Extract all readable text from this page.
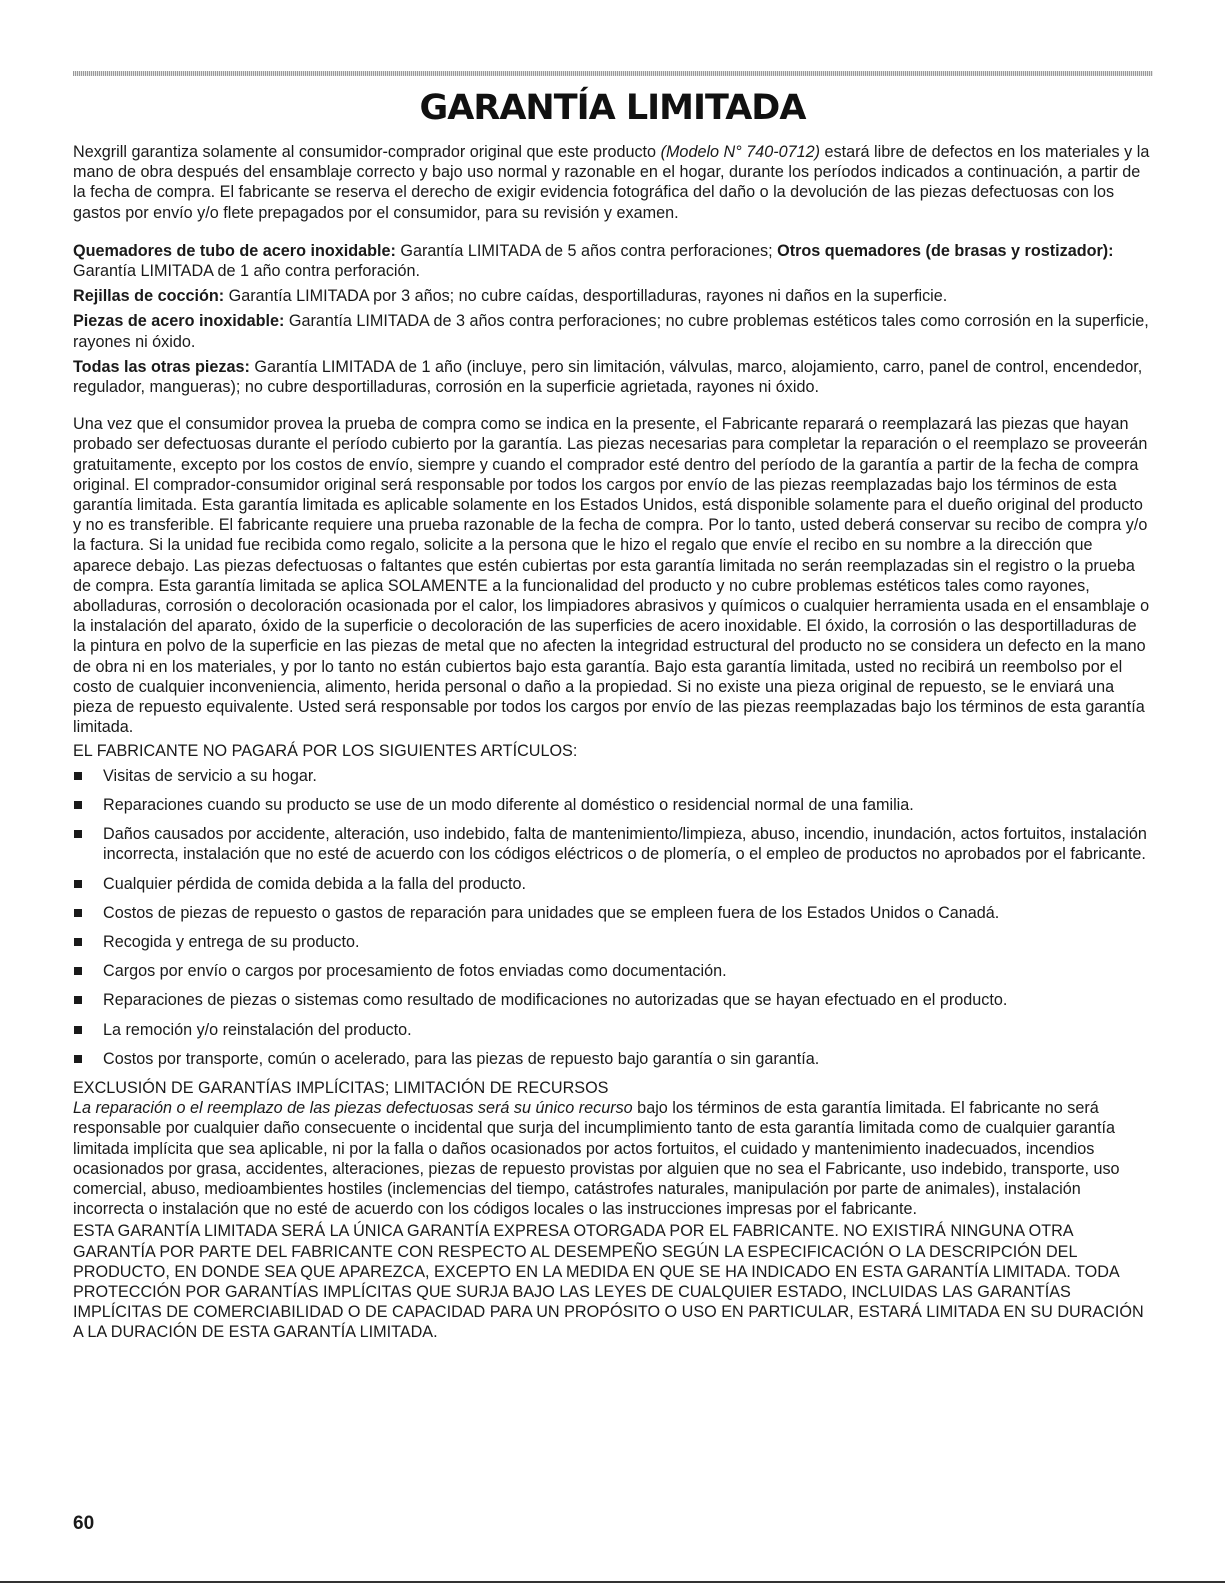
GARANTÍA LIMITADA

Nexgrill garantiza solamente al consumidor-comprador original que este producto (Modelo N° 740-0712) estará libre de defectos en los materiales y la mano de obra después del ensamblaje correcto y bajo uso normal y razonable en el hogar, durante los períodos indicados a continuación, a partir de la fecha de compra. El fabricante se reserva el derecho de exigir evidencia fotográfica del daño o la devolución de las piezas defectuosas con los gastos por envío y/o flete prepagados por el consumidor, para su revisión y examen.

Quemadores de tubo de acero inoxidable: Garantía LIMITADA de 5 años contra perforaciones; Otros quemadores (de brasas y rostizador): Garantía LIMITADA de 1 año contra perforación.

Rejillas de cocción: Garantía LIMITADA por 3 años; no cubre caídas, desportilladuras, rayones ni daños en la superficie.

Piezas de acero inoxidable: Garantía LIMITADA de 3 años contra perforaciones; no cubre problemas estéticos tales como corrosión en la superficie, rayones ni óxido.

Todas las otras piezas: Garantía LIMITADA de 1 año (incluye, pero sin limitación, válvulas, marco, alojamiento, carro, panel de control, encendedor, regulador, mangueras); no cubre desportilladuras, corrosión en la superficie agrietada, rayones ni óxido.

Una vez que el consumidor provea la prueba de compra como se indica en la presente, el Fabricante reparará o reemplazará las piezas que hayan probado ser defectuosas durante el período cubierto por la garantía. Las piezas necesarias para completar la reparación o el reemplazo se proveerán gratuitamente, excepto por los costos de envío, siempre y cuando el comprador esté dentro del período de la garantía a partir de la fecha de compra original. El comprador-consumidor original será responsable por todos los cargos por envío de las piezas reemplazadas bajo los términos de esta garantía limitada. Esta garantía limitada es aplicable solamente en los Estados Unidos, está disponible solamente para el dueño original del producto y no es transferible. El fabricante requiere una prueba razonable de la fecha de compra. Por lo tanto, usted deberá conservar su recibo de compra y/o la factura. Si la unidad fue recibida como regalo, solicite a la persona que le hizo el regalo que envíe el recibo en su nombre a la dirección que aparece debajo. Las piezas defectuosas o faltantes que estén cubiertas por esta garantía limitada no serán reemplazadas sin el registro o la prueba de compra. Esta garantía limitada se aplica SOLAMENTE a la funcionalidad del producto y no cubre problemas estéticos tales como rayones, abolladuras, corrosión o decoloración ocasionada por el calor, los limpiadores abrasivos y químicos o cualquier herramienta usada en el ensamblaje o la instalación del aparato, óxido de la superficie o decoloración de las superficies de acero inoxidable. El óxido, la corrosión o las desportilladuras de la pintura en polvo de la superficie en las piezas de metal que no afecten la integridad estructural del producto no se considera un defecto en la mano de obra ni en los materiales, y por lo tanto no están cubiertos bajo esta garantía. Bajo esta garantía limitada, usted no recibirá un reembolso por el costo de cualquier inconveniencia, alimento, herida personal o daño a la propiedad. Si no existe una pieza original de repuesto, se le enviará una pieza de repuesto equivalente. Usted será responsable por todos los cargos por envío de las piezas reemplazadas bajo los términos de esta garantía limitada.

EL FABRICANTE NO PAGARÁ POR LOS SIGUIENTES ARTÍCULOS:

Visitas de servicio a su hogar.
Reparaciones cuando su producto se use de un modo diferente al doméstico o residencial normal de una familia.
Daños causados por accidente, alteración, uso indebido, falta de mantenimiento/limpieza, abuso, incendio, inundación, actos fortuitos, instalación incorrecta, instalación que no esté de acuerdo con los códigos eléctricos o de plomería, o el empleo de productos no aprobados por el fabricante.
Cualquier pérdida de comida debida a la falla del producto.
Costos de piezas de repuesto o gastos de reparación para unidades que se empleen fuera de los Estados Unidos o Canadá.
Recogida y entrega de su producto.
Cargos por envío o cargos por procesamiento de fotos enviadas como documentación.
Reparaciones de piezas o sistemas como resultado de modificaciones no autorizadas que se hayan efectuado en el producto.
La remoción y/o reinstalación del producto.
Costos por transporte, común o acelerado, para las piezas de repuesto bajo garantía o sin garantía.

EXCLUSIÓN DE GARANTÍAS IMPLÍCITAS; LIMITACIÓN DE RECURSOS

La reparación o el reemplazo de las piezas defectuosas será su único recurso bajo los términos de esta garantía limitada. El fabricante no será responsable por cualquier daño consecuente o incidental que surja del incumplimiento tanto de esta garantía limitada como de cualquier garantía limitada implícita que sea aplicable, ni por la falla o daños ocasionados por actos fortuitos, el cuidado y mantenimiento inadecuados, incendios ocasionados por grasa, accidentes, alteraciones, piezas de repuesto provistas por alguien que no sea el Fabricante, uso indebido, transporte, uso comercial, abuso, medioambientes hostiles (inclemencias del tiempo, catástrofes naturales, manipulación por parte de animales), instalación incorrecta o instalación que no esté de acuerdo con los códigos locales o las instrucciones impresas por el fabricante.

ESTA GARANTÍA LIMITADA SERÁ LA ÚNICA GARANTÍA EXPRESA OTORGADA POR EL FABRICANTE. NO EXISTIRÁ NINGUNA OTRA GARANTÍA POR PARTE DEL FABRICANTE CON RESPECTO AL DESEMPEÑO SEGÚN LA ESPECIFICACIÓN O LA DESCRIPCIÓN DEL PRODUCTO, EN DONDE SEA QUE APAREZCA, EXCEPTO EN LA MEDIDA EN QUE SE HA INDICADO EN ESTA GARANTÍA LIMITADA. TODA PROTECCIÓN POR GARANTÍAS IMPLÍCITAS QUE SURJA BAJO LAS LEYES DE CUALQUIER ESTADO, INCLUIDAS LAS GARANTÍAS IMPLÍCITAS DE COMERCIABILIDAD O DE CAPACIDAD PARA UN PROPÓSITO O USO EN PARTICULAR, ESTARÁ LIMITADA EN SU DURACIÓN A LA DURACIÓN DE ESTA GARANTÍA LIMITADA.

60
